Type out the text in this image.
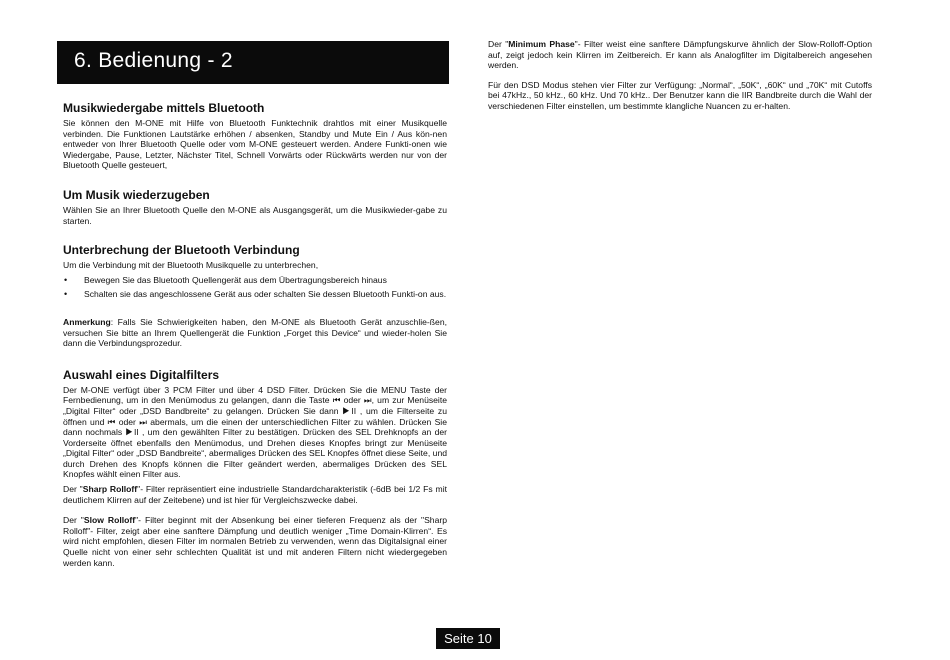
6. Bedienung - 2
Musikwiedergabe mittels Bluetooth

Sie können den M-ONE mit Hilfe von Bluetooth Funktechnik drahtlos mit einer Musikquelle verbinden. Die Funktionen Lautstärke erhöhen / absenken, Standby und Mute Ein / Aus kön-nen entweder von Ihrer Bluetooth Quelle oder vom M-ONE gesteuert werden. Andere Funkti-onen wie Wiedergabe, Pause, Letzter, Nächster Titel, Schnell Vorwärts oder Rückwärts werden nur von der Bluetooth Quelle gesteuert,

Um Musik wiederzugeben

Wählen Sie an Ihrer Bluetooth Quelle den M-ONE als Ausgangsgerät, um die Musikwieder-gabe zu starten.

Unterbrechung der Bluetooth Verbindung

Um die Verbindung mit der Bluetooth Musikquelle zu unterbrechen,

• Bewegen Sie das Bluetooth Quellengerät aus dem Übertragungsbereich hinaus
• Schalten sie das angeschlossene Gerät aus oder schalten Sie dessen Bluetooth Funkti-on aus.

Anmerkung: Falls Sie Schwierigkeiten haben, den M-ONE als Bluetooth Gerät anzuschlie-ßen, versuchen Sie bitte an Ihrem Quellengerät die Funktion „Forget this Device“ und wieder-holen Sie dann die Verbindungsprozedur.

Auswahl eines Digitalfilters

Der M-ONE verfügt über 3 PCM Filter und über 4 DSD Filter. Drücken Sie die MENU Taste der Fernbedienung, um in den Menümodus zu gelangen, dann die Taste ⏮ oder ⏭, um zur Menüseite „Digital Filter“ oder „DSD Bandbreite“ zu gelangen. Drücken Sie dann ▶II , um die Filterseite zu öffnen und ⏮ oder ⏭ abermals, um die einen der unterschiedlichen Filter zu wählen. Drücken Sie dann nochmals ▶II , um den gewählten Filter zu bestätigen. Drücken des SEL Drehknopfs an der Vorderseite öffnet ebenfalls den Menümodus, und Drehen dieses Knopfes bringt zur Menüseite „Digital Filter“ oder „DSD Bandbreite“, abermaliges Drücken des SEL Knopfes öffnet diese Seite, und durch Drehen des Knopfs können die Filter geändert werden, abermaliges Drücken des SEL Knopfes wählt einen Filter aus.

Der "Sharp Rolloff"- Filter repräsentiert eine industrielle Standardcharakteristik (-6dB bei 1/2 Fs mit deutlichem Klirren auf der Zeitebene) und ist hier für Vergleichszwecke dabei.

Der "Slow Rolloff"- Filter beginnt mit der Absenkung bei einer tieferen Frequenz als der "Sharp Rolloff"- Filter, zeigt aber eine sanftere Dämpfung und deutlich weniger „Time Domain-Klirren“. Es wird nicht empfohlen, diesen Filter im normalen Betrieb zu verwenden, wenn das Digitalsignal einer Quelle nicht von einer sehr schlechten Qualität ist und mit anderen Filtern nicht wiedergegeben werden kann.

Der "Minimum Phase"- Filter weist eine sanftere Dämpfungskurve ähnlich der Slow-Rolloff-Option auf, zeigt jedoch kein Klirren im Zeitbereich. Er kann als Analogfilter im Digitalbereich angesehen werden.

Für den DSD Modus stehen vier Filter zur Verfügung: „Normal“, „50K“, „60K“ und „70K“ mit Cutoffs bei 47kHz., 50 kHz., 60 kHz. Und 70 kHz.. Der Benutzer kann die IIR Bandbreite durch die Wahl der verschiedenen Filter einstellen, um bestimmte klangliche Nuancen zu er-halten.

Seite 10
